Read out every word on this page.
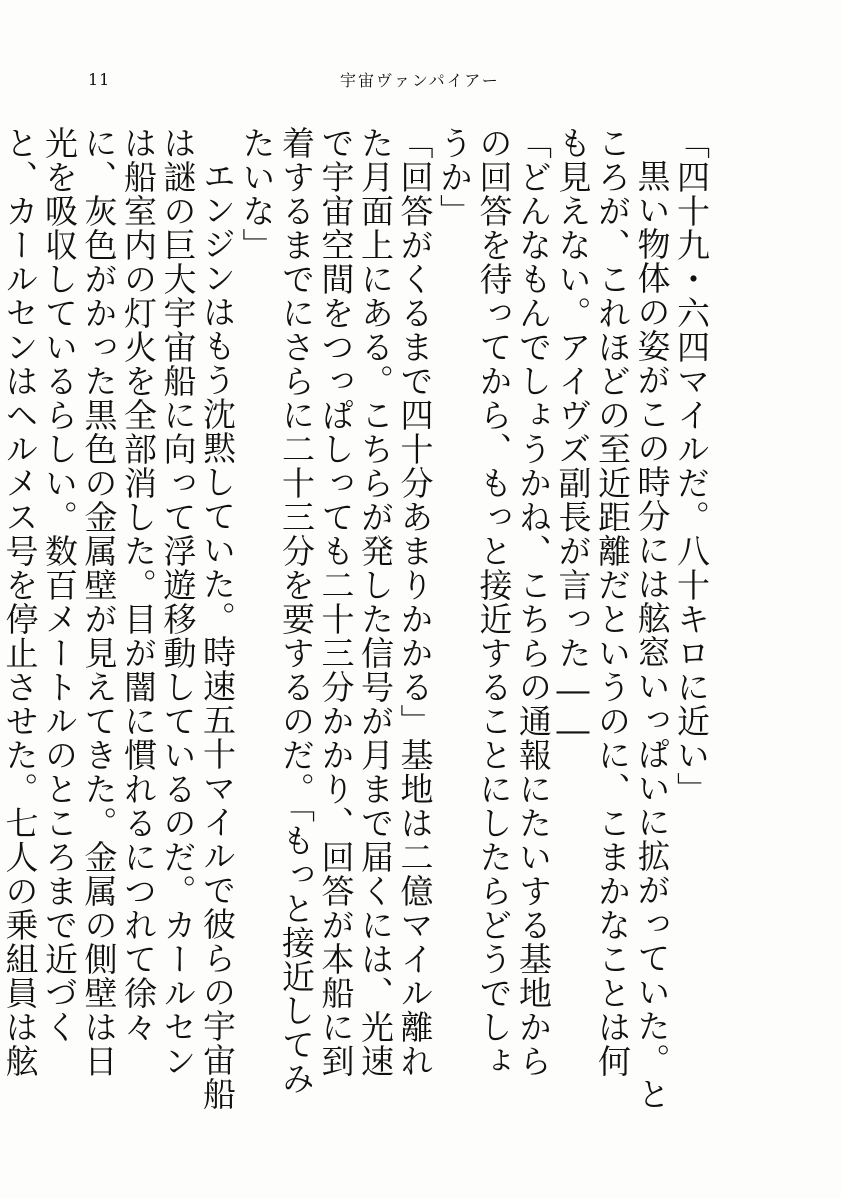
11	宇宙ヴァンパイアー

「四十九・六四マイルだ。八十キロに近い」

黒い物体の姿がこの時分には舷窓いっぱいに拡がっていた。ところが、これほどの至近距離だというのに、こまかなことは何も見えない。アイヴズ副長が言った――

「どんなもんでしょうかね、こちらの通報にたいする基地からの回答を待ってから、もっと接近することにしたらどうでしょうか」

「回答がくるまで四十分あまりかかる」基地は二億マイル離れた月面上にある。こちらが発した信号が月まで届くには、光速で宇宙空間をつっぱしっても二十三分かかり、回答が本船に到着するまでにさらに二十三分を要するのだ。「もっと接近してみたいな」

エンジンはもう沈黙していた。時速五十マイルで彼らの宇宙船は謎の巨大宇宙船に向って浮遊移動しているのだ。カールセンは船室内の灯火を全部消した。目が闇に慣れるにつれて徐々に、灰色がかった黒色の金属壁が見えてきた。金属の側壁は日光を吸収しているらしい。数百メートルのところまで近づくと、カールセンはヘルメス号を停止させた。七人の乗組員は舷
